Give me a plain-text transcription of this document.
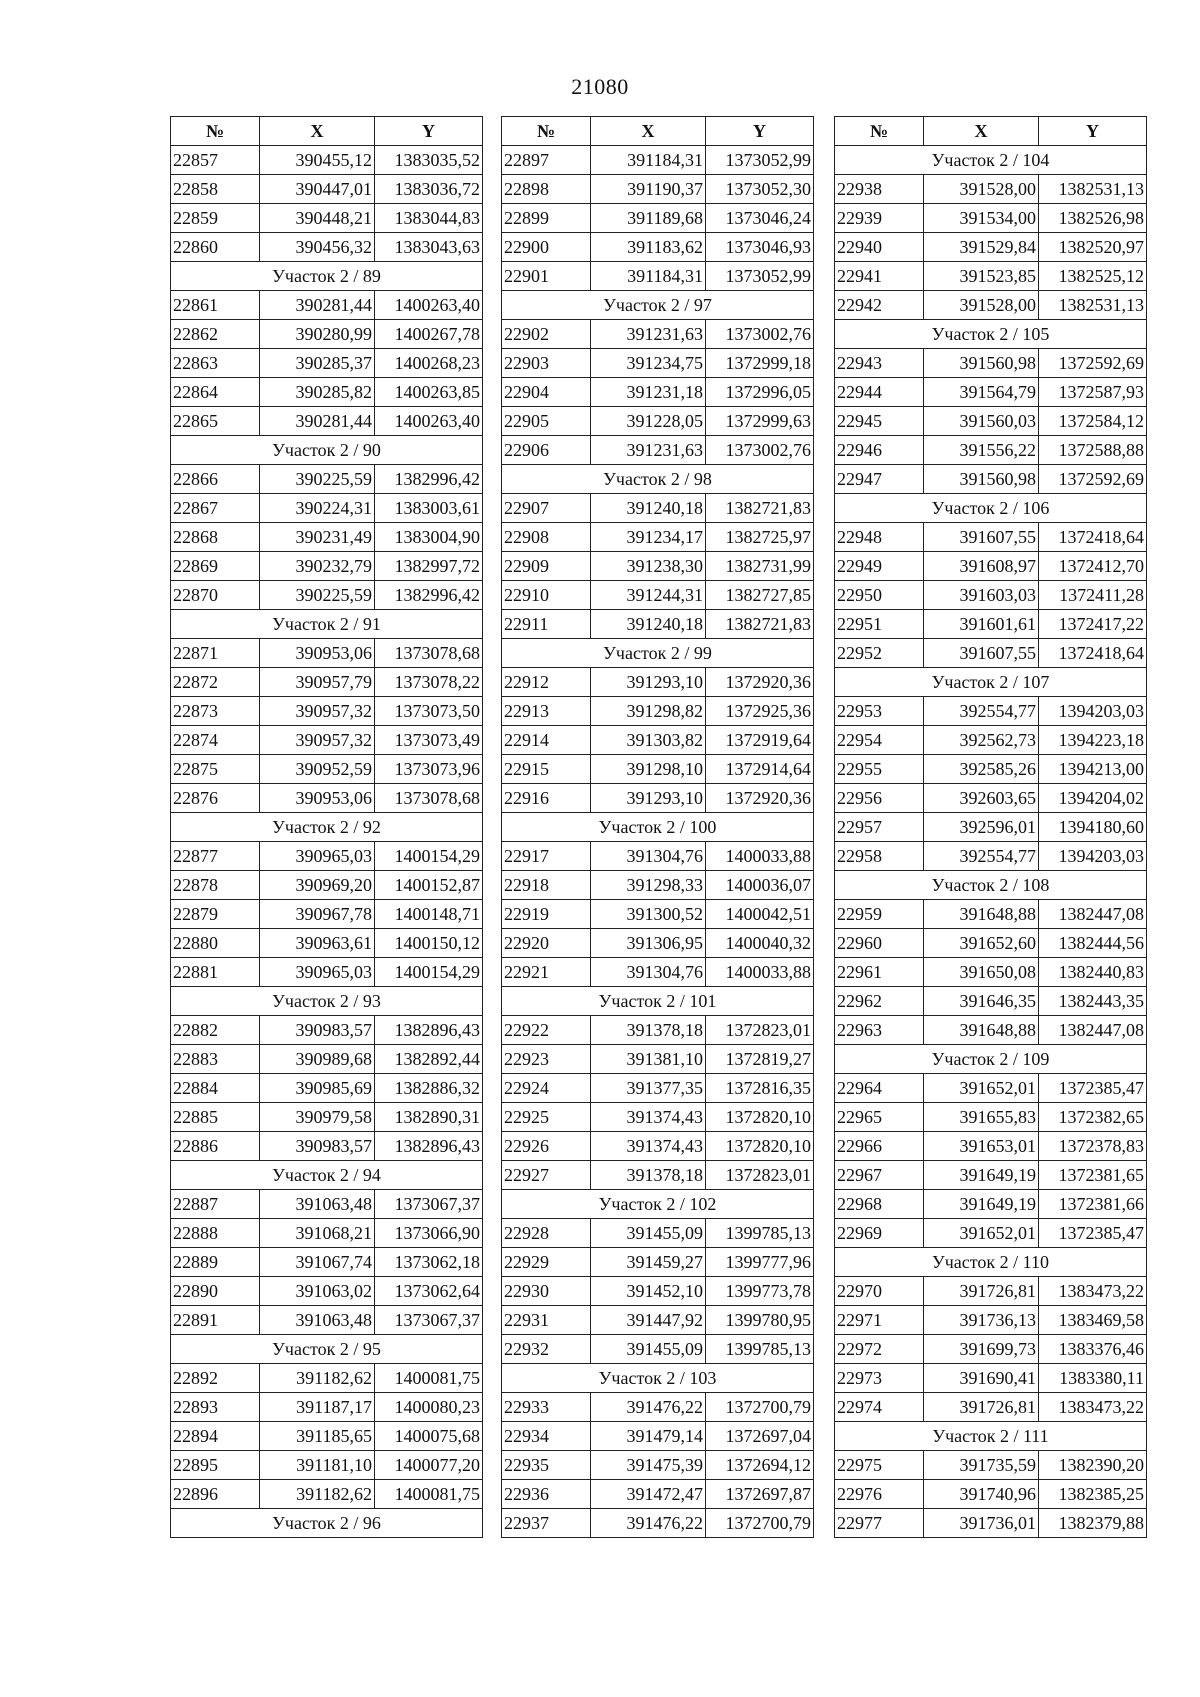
21080
№	X	Y
22857	390455,12	1383035,52
22858	390447,01	1383036,72
22859	390448,21	1383044,83
22860	390456,32	1383043,63
Участок 2 / 89		
22861	390281,44	1400263,40
22862	390280,99	1400267,78
22863	390285,37	1400268,23
22864	390285,82	1400263,85
22865	390281,44	1400263,40
Участок 2 / 90		
22866	390225,59	1382996,42
22867	390224,31	1383003,61
22868	390231,49	1383004,90
22869	390232,79	1382997,72
22870	390225,59	1382996,42
Участок 2 / 91		
22871	390953,06	1373078,68
22872	390957,79	1373078,22
22873	390957,32	1373073,50
22874	390957,32	1373073,49
22875	390952,59	1373073,96
22876	390953,06	1373078,68
Участок 2 / 92		
22877	390965,03	1400154,29
22878	390969,20	1400152,87
22879	390967,78	1400148,71
22880	390963,61	1400150,12
22881	390965,03	1400154,29
Участок 2 / 93		
22882	390983,57	1382896,43
22883	390989,68	1382892,44
22884	390985,69	1382886,32
22885	390979,58	1382890,31
22886	390983,57	1382896,43
Участок 2 / 94		
22887	391063,48	1373067,37
22888	391068,21	1373066,90
22889	391067,74	1373062,18
22890	391063,02	1373062,64
22891	391063,48	1373067,37
Участок 2 / 95		
22892	391182,62	1400081,75
22893	391187,17	1400080,23
22894	391185,65	1400075,68
22895	391181,10	1400077,20
22896	391182,62	1400081,75
Участок 2 / 96		
№	X	Y
22897	391184,31	1373052,99
22898	391190,37	1373052,30
22899	391189,68	1373046,24
22900	391183,62	1373046,93
22901	391184,31	1373052,99
Участок 2 / 97		
22902	391231,63	1373002,76
22903	391234,75	1372999,18
22904	391231,18	1372996,05
22905	391228,05	1372999,63
22906	391231,63	1373002,76
Участок 2 / 98		
22907	391240,18	1382721,83
22908	391234,17	1382725,97
22909	391238,30	1382731,99
22910	391244,31	1382727,85
22911	391240,18	1382721,83
Участок 2 / 99		
22912	391293,10	1372920,36
22913	391298,82	1372925,36
22914	391303,82	1372919,64
22915	391298,10	1372914,64
22916	391293,10	1372920,36
Участок 2 / 100		
22917	391304,76	1400033,88
22918	391298,33	1400036,07
22919	391300,52	1400042,51
22920	391306,95	1400040,32
22921	391304,76	1400033,88
Участок 2 / 101		
22922	391378,18	1372823,01
22923	391381,10	1372819,27
22924	391377,35	1372816,35
22925	391374,43	1372820,10
22926	391374,43	1372820,10
22927	391378,18	1372823,01
Участок 2 / 102		
22928	391455,09	1399785,13
22929	391459,27	1399777,96
22930	391452,10	1399773,78
22931	391447,92	1399780,95
22932	391455,09	1399785,13
Участок 2 / 103		
22933	391476,22	1372700,79
22934	391479,14	1372697,04
22935	391475,39	1372694,12
22936	391472,47	1372697,87
22937	391476,22	1372700,79
№	X	Y
Участок 2 / 104		
22938	391528,00	1382531,13
22939	391534,00	1382526,98
22940	391529,84	1382520,97
22941	391523,85	1382525,12
22942	391528,00	1382531,13
Участок 2 / 105		
22943	391560,98	1372592,69
22944	391564,79	1372587,93
22945	391560,03	1372584,12
22946	391556,22	1372588,88
22947	391560,98	1372592,69
Участок 2 / 106		
22948	391607,55	1372418,64
22949	391608,97	1372412,70
22950	391603,03	1372411,28
22951	391601,61	1372417,22
22952	391607,55	1372418,64
Участок 2 / 107		
22953	392554,77	1394203,03
22954	392562,73	1394223,18
22955	392585,26	1394213,00
22956	392603,65	1394204,02
22957	392596,01	1394180,60
22958	392554,77	1394203,03
Участок 2 / 108		
22959	391648,88	1382447,08
22960	391652,60	1382444,56
22961	391650,08	1382440,83
22962	391646,35	1382443,35
22963	391648,88	1382447,08
Участок 2 / 109		
22964	391652,01	1372385,47
22965	391655,83	1372382,65
22966	391653,01	1372378,83
22967	391649,19	1372381,65
22968	391649,19	1372381,66
22969	391652,01	1372385,47
Участок 2 / 110		
22970	391726,81	1383473,22
22971	391736,13	1383469,58
22972	391699,73	1383376,46
22973	391690,41	1383380,11
22974	391726,81	1383473,22
Участок 2 / 111		
22975	391735,59	1382390,20
22976	391740,96	1382385,25
22977	391736,01	1382379,88
